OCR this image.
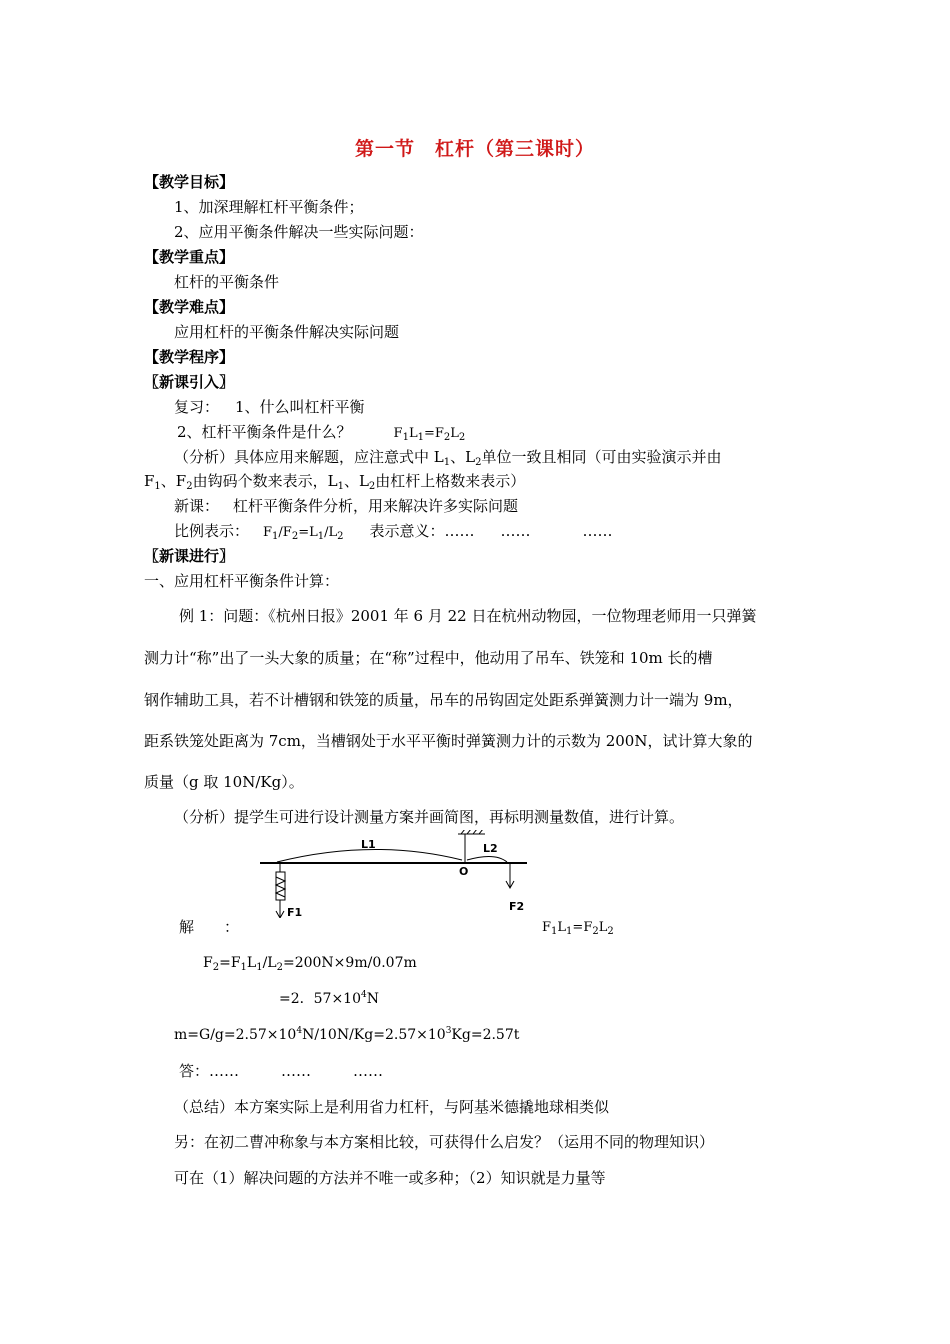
第一节　杠杆（第三课时）
【教学目标】
1、加深理解杠杆平衡条件；
2、应用平衡条件解决一些实际问题：
【教学重点】
杠杆的平衡条件
【教学难点】
应用杠杆的平衡条件解决实际问题
【教学程序】
〖新课引入〗
复习： 1、什么叫杠杆平衡
2、杠杆平衡条件是什么？	$F_1L_1=F_2L_2$
（分析）具体应用来解题，应注意式中 $L_1$、$L_2$单位一致且相同（可由实验演示并由
$F_1$、$F_2$由钩码个数来表示，$L_1$、$L_2$由杠杆上格数来表示）
新课： 杠杆平衡条件分析，用来解决许多实际问题
比例表示： $F_1/F_2=L_1/L_2$ 表示意义：…… ……	……
〖新课进行〗
一、应用杠杆平衡条件计算：
例 1：问题：《杭州日报》2001 年 6 月 22 日在杭州动物园，一位物理老师用一只弹簧
测力计“称”出了一头大象的质量；在“称”过程中，他动用了吊车、铁笼和 10m 长的槽
钢作辅助工具，若不计槽钢和铁笼的质量，吊车的吊钩固定处距系弹簧测力计一端为 9m，
距系铁笼处距离为 7cm，当槽钢处于水平平衡时弹簧测力计的示数为 200N，试计算大象的
质量（g 取 10N/Kg）。
（分析）提学生可进行设计测量方案并画简图，再标明测量数值，进行计算。
L1	L2
O
F1	F2
解　　：	$F_1L_1=F_2L_2$
$F_2=F_1L_1/L_2=200N\times 9m/0.07m$
=2．$57\times 10^4N$
$m=G/g=2.57\times 10^4N/10N/Kg=2.57\times 10^3Kg=2.57t$
答：……	……	……
（总结）本方案实际上是利用省力杠杆，与阿基米德撬地球相类似
另：在初二曹冲称象与本方案相比较，可获得什么启发？（运用不同的物理知识）
可在（1）解决问题的方法并不唯一或多种；（2）知识就是力量等
